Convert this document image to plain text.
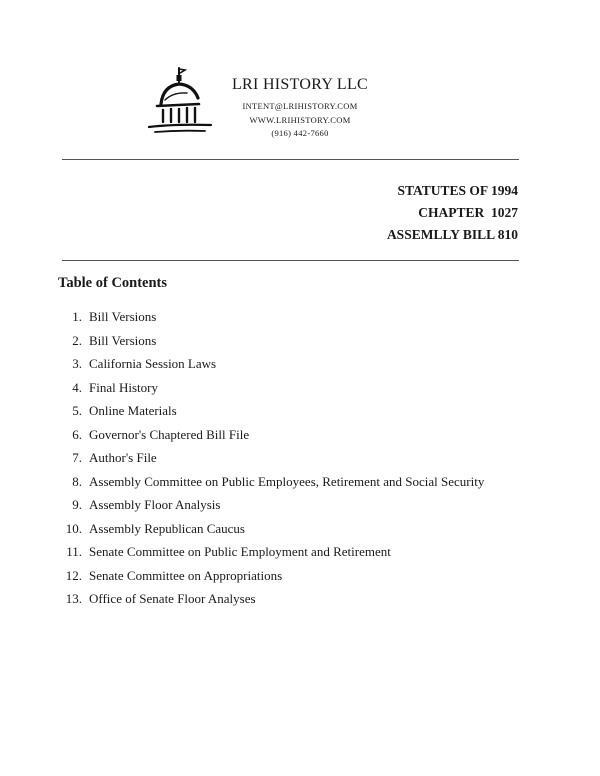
LRI HISTORY LLC
INTENT@LRIHISTORY.COM
WWW.LRIHISTORY.COM
(916) 442-7660
STATUTES OF 1994
CHAPTER  1027
ASSEMLLY BILL 810
Table of Contents
1. Bill Versions
2. Bill Versions
3. California Session Laws
4. Final History
5. Online Materials
6. Governor's Chaptered Bill File
7. Author's File
8. Assembly Committee on Public Employees, Retirement and Social Security
9. Assembly Floor Analysis
10. Assembly Republican Caucus
11. Senate Committee on Public Employment and Retirement
12. Senate Committee on Appropriations
13. Office of Senate Floor Analyses
